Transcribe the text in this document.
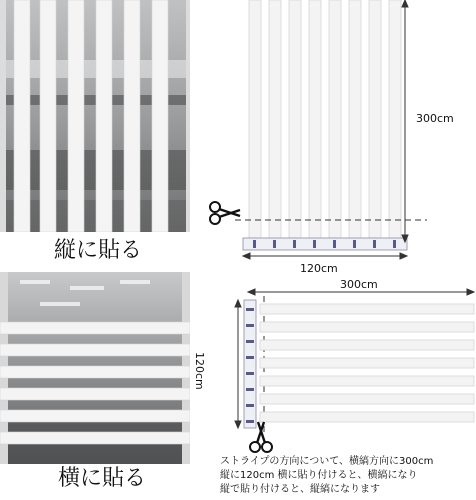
縦に貼る
横に貼る
300cm
120cm
300cm
120cm
ストライプの方向について、横縞方向に300cm
縦に120cm 横に貼り付けると、横縞になり
縦で貼り付けると、縦縞になります
